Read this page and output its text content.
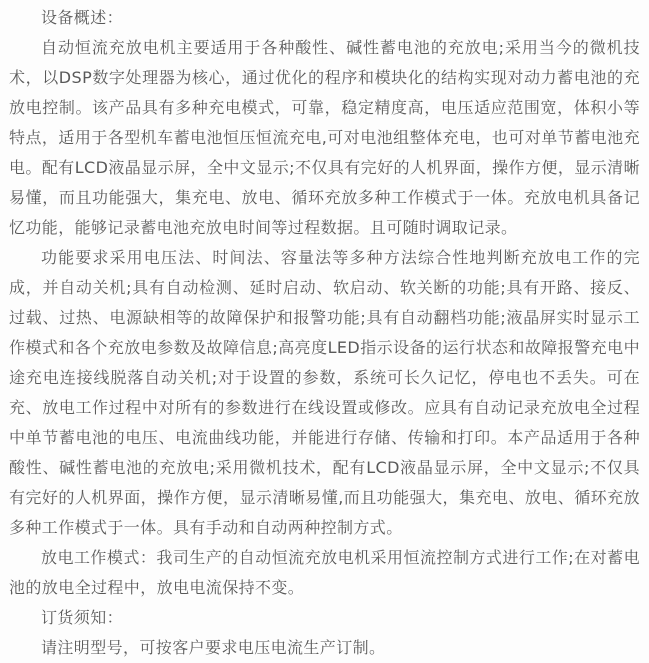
设备概述：

自动恒流充放电机主要适用于各种酸性、碱性蓄电池的充放电;采用当今的微机技术，以DSP数字处理器为核心，通过优化的程序和模块化的结构实现对动力蓄电池的充放电控制。该产品具有多种充电模式，可靠，稳定精度高，电压适应范围宽，体积小等特点，适用于各型机车蓄电池恒压恒流充电,可对电池组整体充电，也可对单节蓄电池充电。配有LCD液晶显示屏，全中文显示;不仅具有完好的人机界面，操作方便，显示清晰易懂，而且功能强大，集充电、放电、循环充放多种工作模式于一体。充放电机具备记忆功能，能够记录蓄电池充放电时间等过程数据。且可随时调取记录。

功能要求采用电压法、时间法、容量法等多种方法综合性地判断充放电工作的完成，并自动关机;具有自动检测、延时启动、软启动、软关断的功能;具有开路、接反、过载、过热、电源缺相等的故障保护和报警功能;具有自动翻档功能;液晶屏实时显示工作模式和各个充放电参数及故障信息;高亮度LED指示设备的运行状态和故障报警充电中途充电连接线脱落自动关机;对于设置的参数，系统可长久记忆，停电也不丢失。可在充、放电工作过程中对所有的参数进行在线设置或修改。应具有自动记录充放电全过程中单节蓄电池的电压、电流曲线功能，并能进行存储、传输和打印。本产品适用于各种酸性、碱性蓄电池的充放电;采用微机技术，配有LCD液晶显示屏，全中文显示;不仅具有完好的人机界面，操作方便，显示清晰易懂,而且功能强大，集充电、放电、循环充放多种工作模式于一体。具有手动和自动两种控制方式。

放电工作模式：我司生产的自动恒流充放电机采用恒流控制方式进行工作;在对蓄电池的放电全过程中，放电电流保持不变。

订货须知：

请注明型号，可按客户要求电压电流生产订制。
